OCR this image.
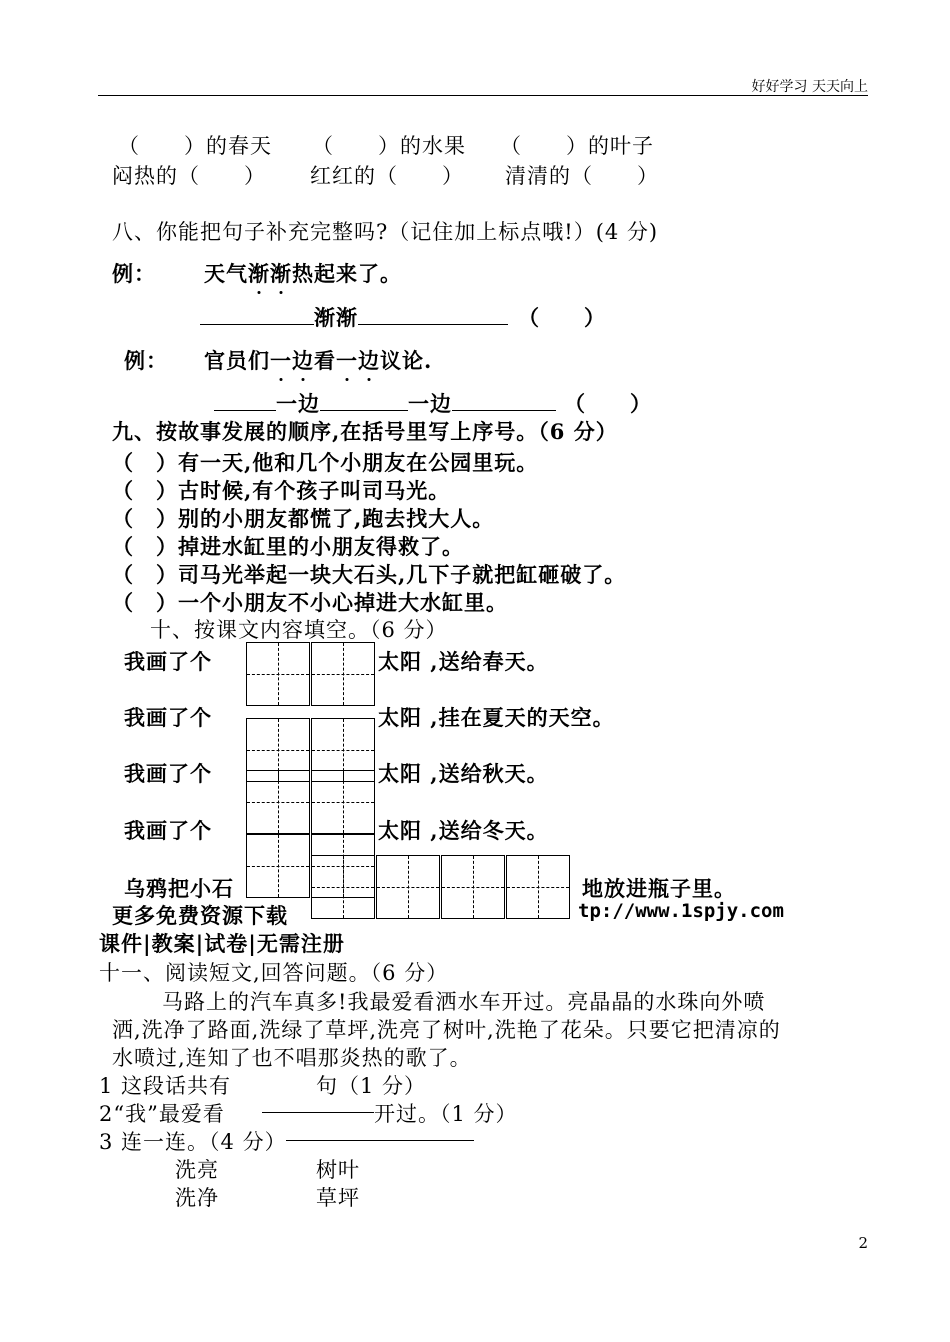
好好学习 天天向上
（　　）的春天 （　　）的水果 （　　）的叶子
闷热的（　　） 红红的（　　） 清清的（　　）
八、你能把句子补充完整吗?（记住加上标点哦!）(4 分)
例： 天气渐渐热起来了。
渐渐	（　　）
例： 官员们一边看一边议论.
一边	一边	（　　）
九、按故事发展的顺序,在括号里写上序号。（6 分）
（　）有一天,他和几个小朋友在公园里玩。
（　）古时候,有个孩子叫司马光。
（　）别的小朋友都慌了,跑去找大人。
（　）掉进水缸里的小朋友得救了。
（　）司马光举起一块大石头,几下子就把缸砸破了。
（　）一个小朋友不小心掉进大水缸里。
十、按课文内容填空。（6 分）
我画了个	太阳 ,送给春天。
我画了个	太阳 ,挂在夏天的天空。
我画了个	太阳 ,送给秋天。
我画了个	太阳 ,送给冬天。
乌鸦把小石	地放进瓶子里。
更多免费资源下载	tp://www.1spjy.com
课件|教案|试卷|无需注册
十一、阅读短文,回答问题。（6 分）
马路上的汽车真多!我最爱看洒水车开过。亮晶晶的水珠向外喷
洒,洗净了路面,洗绿了草坪,洗亮了树叶,洗艳了花朵。只要它把清凉的
水喷过,连知了也不唱那炎热的歌了。
1 这段话共有	句（1 分）
2“我”最爱看	开过。（1 分）
3 连一连。（4 分）
洗亮	树叶
洗净	草坪
2
